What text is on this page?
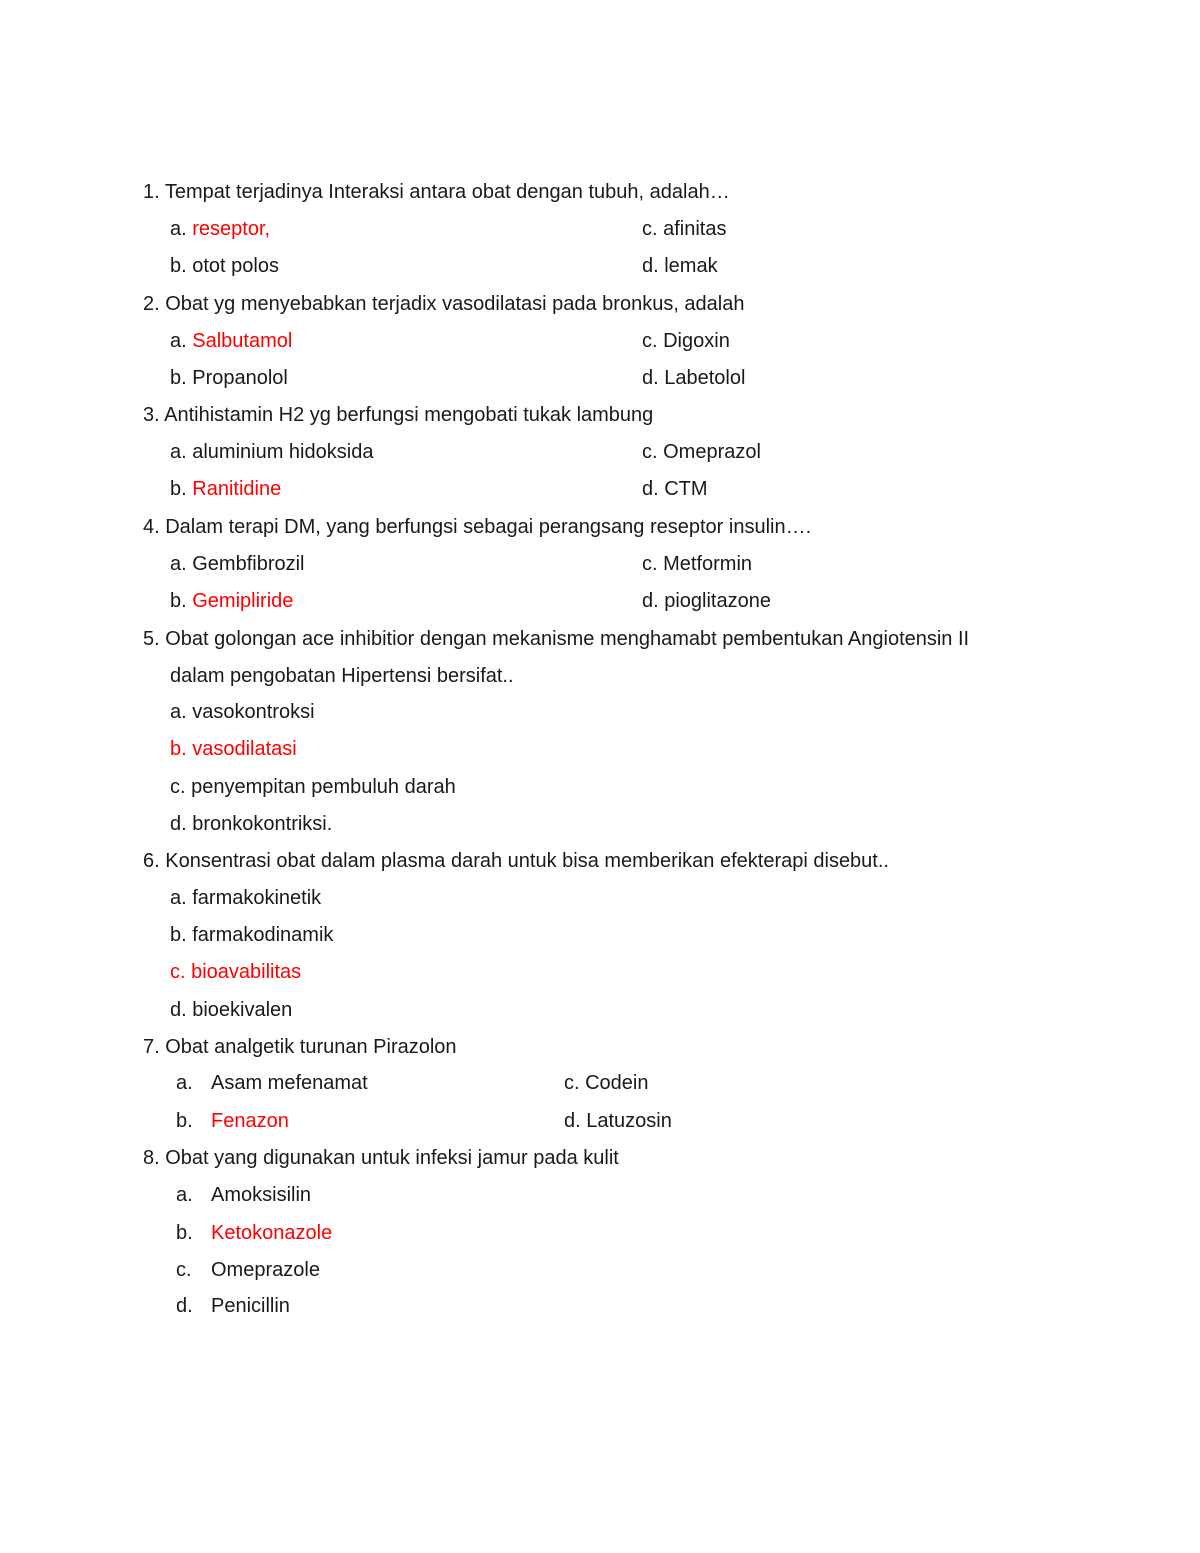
1. Tempat terjadinya Interaksi antara obat dengan tubuh, adalah…
a. reseptor,	c. afinitas
b. otot polos	d. lemak
2. Obat yg menyebabkan terjadix vasodilatasi pada bronkus, adalah
a. Salbutamol	c. Digoxin
b. Propanolol	d. Labetolol
3. Antihistamin H2 yg berfungsi mengobati tukak lambung
a. aluminium hidoksida	c. Omeprazol
b. Ranitidine	d. CTM
4. Dalam terapi DM, yang berfungsi sebagai perangsang reseptor insulin….
a. Gembfibrozil	c. Metformin
b. Gemipliride	d. pioglitazone
5. Obat golongan ace inhibitior dengan mekanisme menghamabt pembentukan Angiotensin II
dalam pengobatan Hipertensi bersifat..
a. vasokontroksi
b. vasodilatasi
c. penyempitan pembuluh darah
d. bronkokontriksi.
6. Konsentrasi obat dalam plasma darah untuk bisa memberikan efekterapi disebut..
a. farmakokinetik
b. farmakodinamik
c. bioavabilitas
d. bioekivalen
7. Obat analgetik turunan Pirazolon
a. Asam mefenamat	c. Codein
b. Fenazon	d. Latuzosin
8. Obat yang digunakan untuk infeksi jamur pada kulit
a. Amoksisilin
b. Ketokonazole
c. Omeprazole
d. Penicillin
